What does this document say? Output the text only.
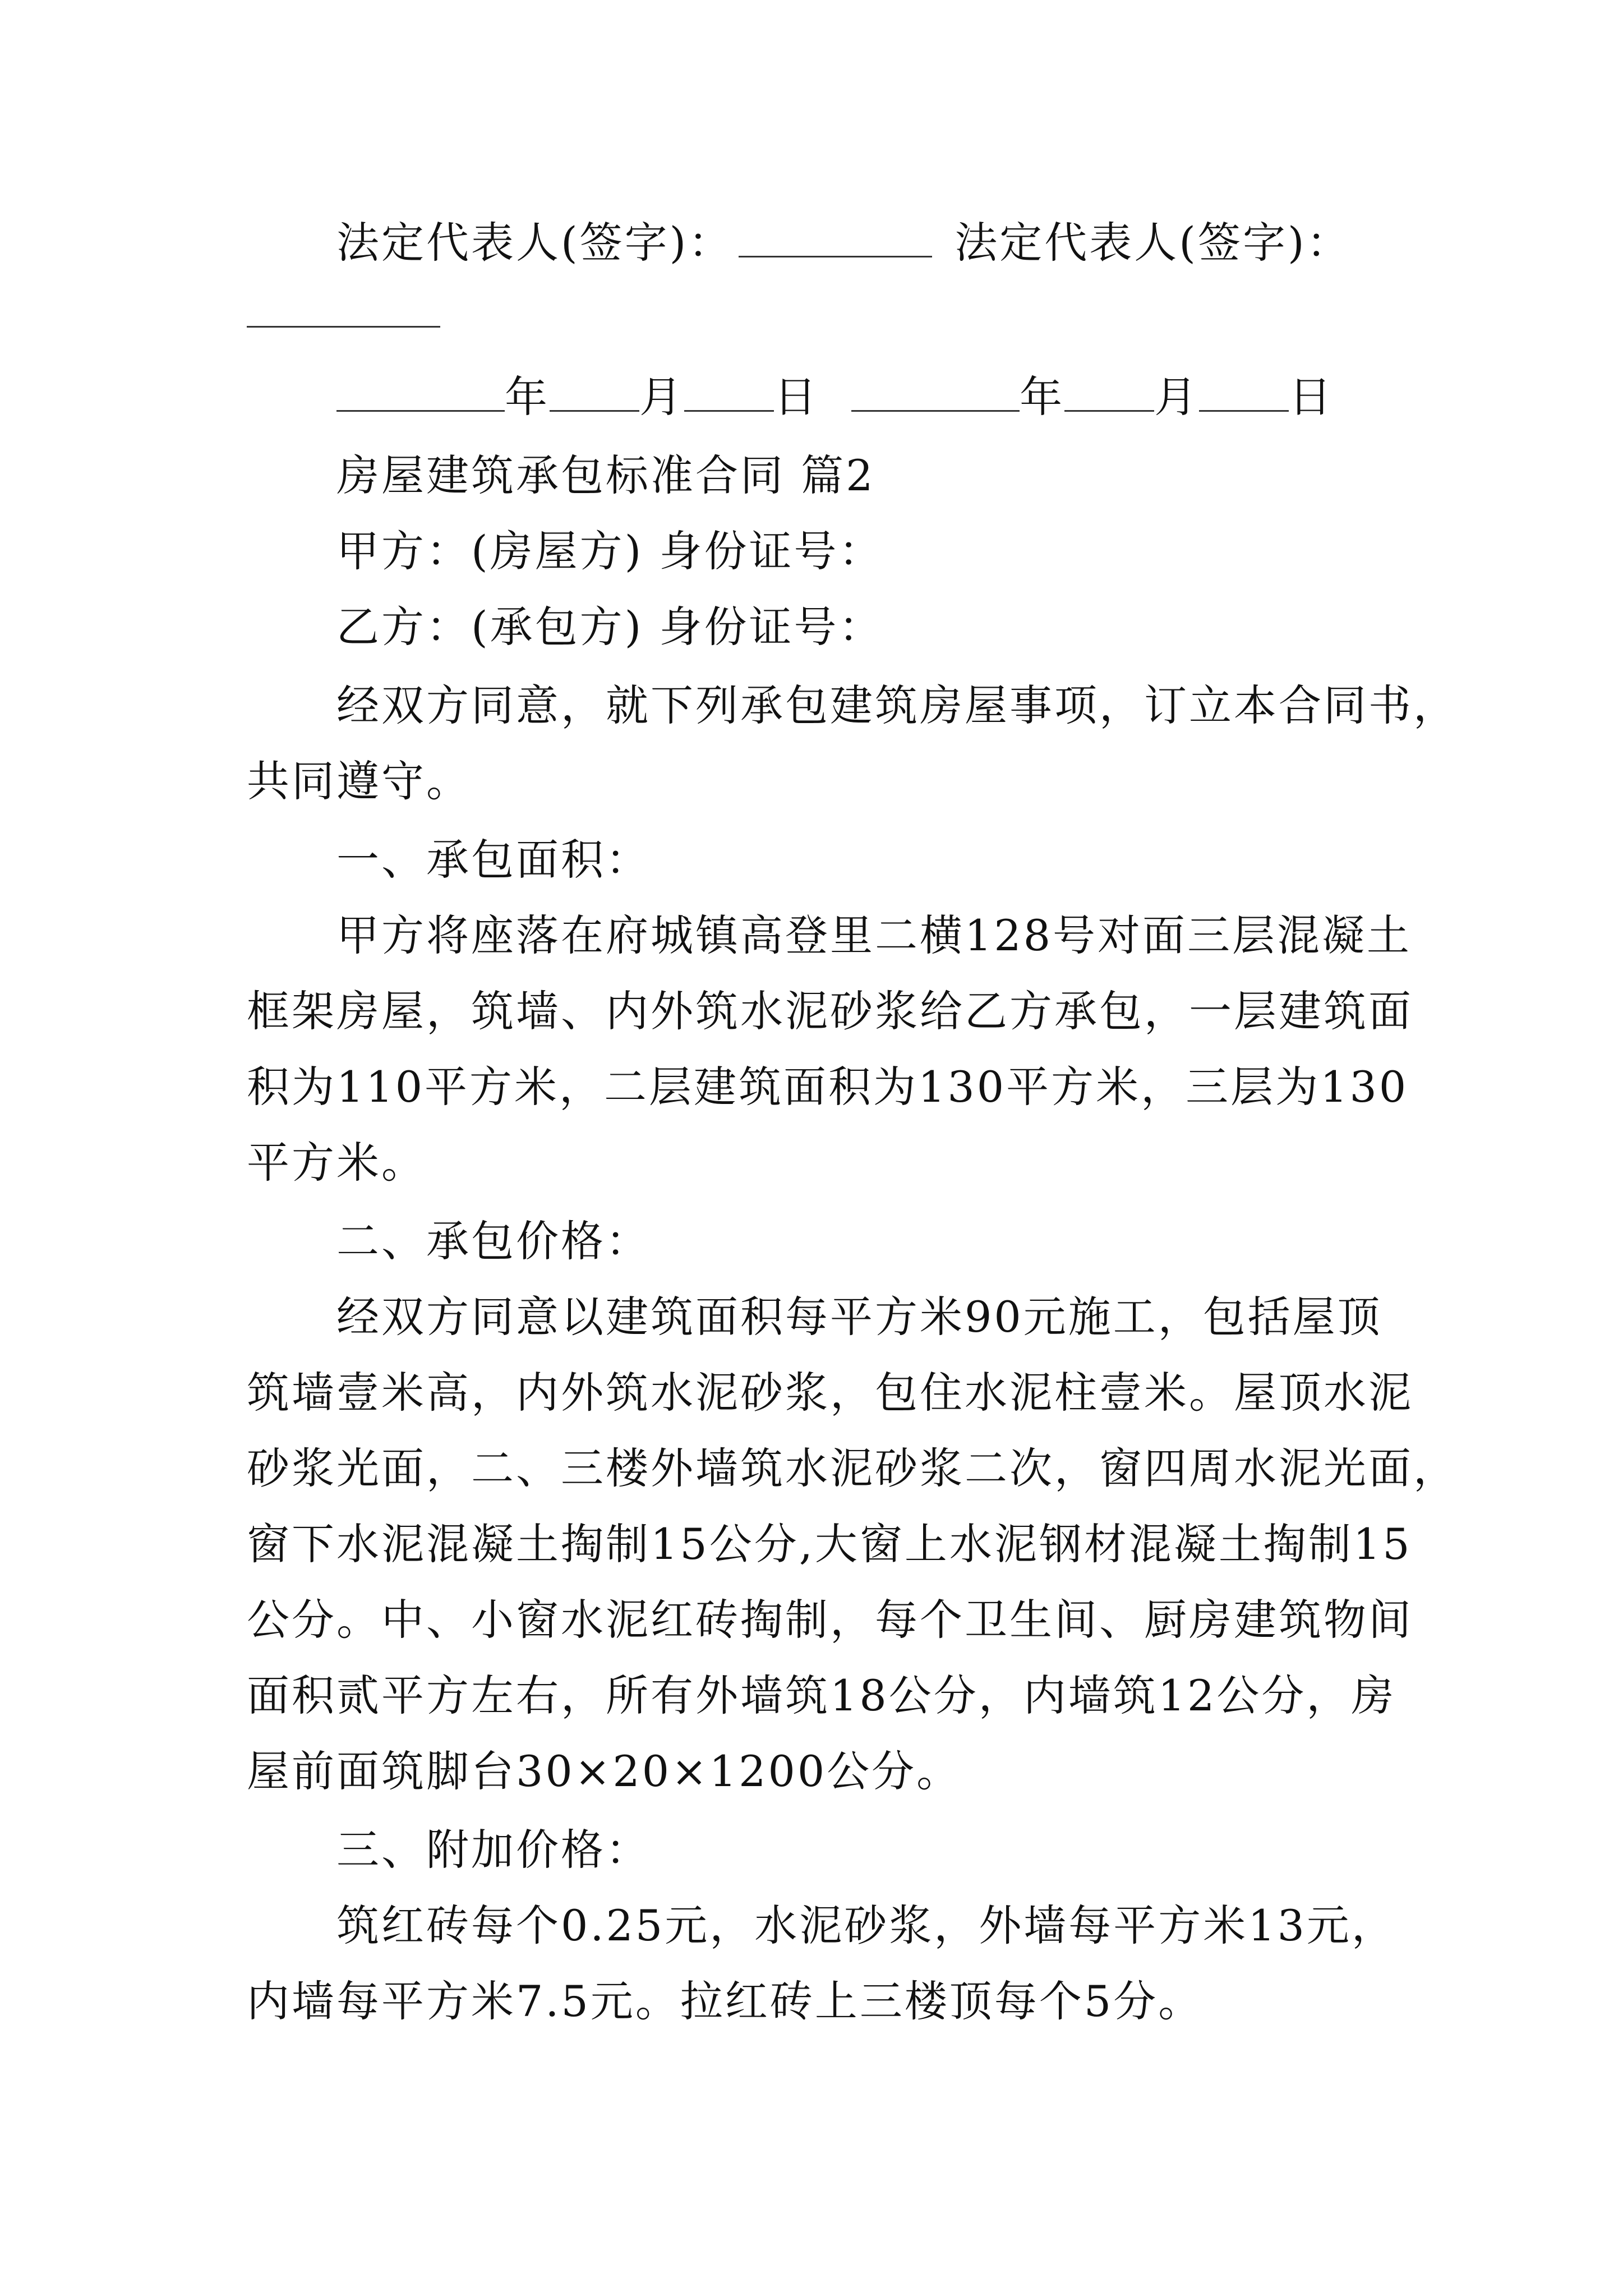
法定代表人(签字)：	法定代表人(签字)：
年 月 日	年 月 日
房屋建筑承包标准合同 篇2
甲方：(房屋方) 身份证号：
乙方：(承包方) 身份证号：
经双方同意，就下列承包建筑房屋事项，订立本合同书，
共同遵守。
一、承包面积：
甲方将座落在府城镇高登里二横128号对面三层混凝土
框架房屋，筑墙、内外筑水泥砂浆给乙方承包，一层建筑面
积为110平方米，二层建筑面积为130平方米，三层为130
平方米。
二、承包价格：
经双方同意以建筑面积每平方米90元施工，包括屋顶
筑墙壹米高，内外筑水泥砂浆，包住水泥柱壹米。屋顶水泥
砂浆光面，二、三楼外墙筑水泥砂浆二次，窗四周水泥光面，
窗下水泥混凝土掏制15公分,大窗上水泥钢材混凝土掏制15
公分。中、小窗水泥红砖掏制，每个卫生间、厨房建筑物间
面积贰平方左右，所有外墙筑18公分，内墙筑12公分，房
屋前面筑脚台30×20×1200公分。
三、附加价格：
筑红砖每个0.25元，水泥砂浆，外墙每平方米13元，
内墙每平方米7.5元。拉红砖上三楼顶每个5分。
